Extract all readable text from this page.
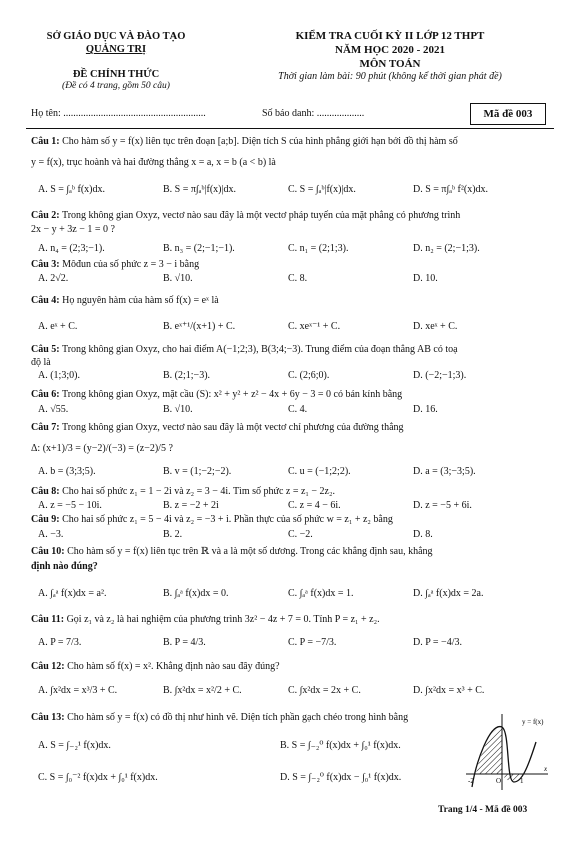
SỞ GIÁO DỤC VÀ ĐÀO TẠO
QUẢNG TRỊ
ĐỀ CHÍNH THỨC
(Đề có 4 trang, gồm 50 câu)
KIỂM TRA CUỐI KỲ II LỚP 12 THPT
NĂM HỌC 2020 - 2021
MÔN TOÁN
Thời gian làm bài: 90 phút (không kể thời gian phát đề)
Họ tên: .........................................................	Số báo danh: ...................	Mã đề 003
Câu 1: Cho hàm số y = f(x) liên tục trên đoạn [a;b]. Diện tích S của hình phẳng giới hạn bởi đồ thị hàm số
y = f(x), trục hoành và hai đường thẳng x = a, x = b (a < b) là
A. S = ∫ₐᵇ f(x)dx.	B. S = π∫ₐᵇ|f(x)|dx.	C. S = ∫ₐᵇ|f(x)|dx.	D. S = π∫ₐᵇ f²(x)dx.
Câu 2: Trong không gian Oxyz, vectơ nào sau đây là một vectơ pháp tuyến của mặt phẳng có phương trình
2x − y + 3z − 1 = 0 ?
A. n₄ = (2;3;−1).	B. n₃ = (2;−1;−1).	C. n₁ = (2;1;3).	D. n₂ = (2;−1;3).
Câu 3: Môđun của số phức z = 3 − i bằng
A. 2√2.	B. √10.	C. 8.	D. 10.
Câu 4: Họ nguyên hàm của hàm số f(x) = eˣ là
A. eˣ + C.	B. eˣ⁺¹/(x+1) + C.	C. xeˣ⁻¹ + C.	D. xeˣ + C.
Câu 5: Trong không gian Oxyz, cho hai điểm A(−1;2;3), B(3;4;−3). Trung điểm của đoạn thẳng AB có toạ
độ là
A. (1;3;0).	B. (2;1;−3).	C. (2;6;0).	D. (−2;−1;3).
Câu 6: Trong không gian Oxyz, mặt cầu (S): x² + y² + z² − 4x + 6y − 3 = 0 có bán kính bằng
A. √55.	B. √10.	C. 4.	D. 16.
Câu 7: Trong không gian Oxyz, vectơ nào sau đây là một vectơ chỉ phương của đường thẳng
Δ: (x+1)/3 = (y−2)/(−3) = (z−2)/5 ?
A. b = (3;3;5).	B. v = (1;−2;−2).	C. u = (−1;2;2).	D. a = (3;−3;5).
Câu 8: Cho hai số phức z₁ = 1 − 2i và z₂ = 3 − 4i. Tìm số phức z = z₁ − 2z₂.
A. z = −5 − 10i.	B. z = −2 + 2i	C. z = 4 − 6i.	D. z = −5 + 6i.
Câu 9: Cho hai số phức z₁ = 5 − 4i và z₂ = −3 + i. Phần thực của số phức w = z₁ + z₂ bằng
A. −3.	B. 2.	C. −2.	D. 8.
Câu 10: Cho hàm số y = f(x) liên tục trên ℝ và a là một số dương. Trong các khẳng định sau, khẳng
định nào đúng?
A. ∫ₐᵃ f(x)dx = a².	B. ∫ₐᵃ f(x)dx = 0.	C. ∫ₐᵃ f(x)dx = 1.	D. ∫ₐᵃ f(x)dx = 2a.
Câu 11: Gọi z₁ và z₂ là hai nghiệm của phương trình 3z² − 4z + 7 = 0. Tính P = z₁ + z₂.
A. P = 7/3.	B. P = 4/3.	C. P = −7/3.	D. P = −4/3.
Câu 12: Cho hàm số f(x) = x². Khẳng định nào sau đây đúng?
A. ∫x²dx = x³/3 + C.	B. ∫x²dx = x²/2 + C.	C. ∫x²dx = 2x + C.	D. ∫x²dx = x³ + C.
Câu 13: Cho hàm số y = f(x) có đồ thị như hình vẽ. Diện tích phần gạch chéo trong hình bằng
A. S = ∫₋₂¹ f(x)dx.	B. S = ∫₋₂⁰ f(x)dx + ∫₀¹ f(x)dx.
C. S = ∫₀⁻² f(x)dx + ∫₀¹ f(x)dx.	D. S = ∫₋₂⁰ f(x)dx − ∫₀¹ f(x)dx.
y = f(x)
x
-2	O	1
Trang 1/4 - Mã đề 003
